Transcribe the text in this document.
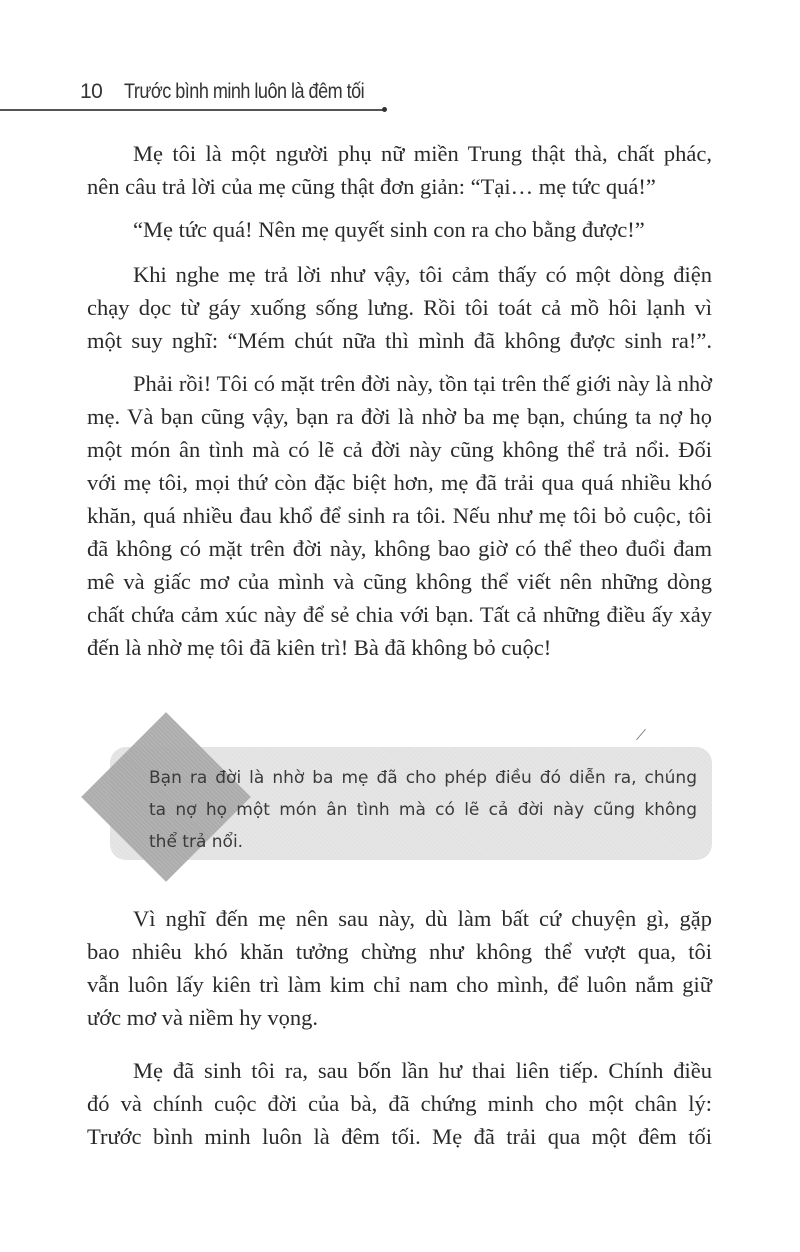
10 Trước bình minh luôn là đêm tối
Mẹ tôi là một người phụ nữ miền Trung thật thà, chất phác,
nên câu trả lời của mẹ cũng thật đơn giản: “Tại… mẹ tức quá!”
“Mẹ tức quá! Nên mẹ quyết sinh con ra cho bằng được!”
Khi nghe mẹ trả lời như vậy, tôi cảm thấy có một dòng điện
chạy dọc từ gáy xuống sống lưng. Rồi tôi toát cả mồ hôi lạnh vì
một suy nghĩ: “Mém chút nữa thì mình đã không được sinh ra!”.
Phải rồi! Tôi có mặt trên đời này, tồn tại trên thế giới này là nhờ
mẹ. Và bạn cũng vậy, bạn ra đời là nhờ ba mẹ bạn, chúng ta nợ họ
một món ân tình mà có lẽ cả đời này cũng không thể trả nổi. Đối
với mẹ tôi, mọi thứ còn đặc biệt hơn, mẹ đã trải qua quá nhiều khó
khăn, quá nhiều đau khổ để sinh ra tôi. Nếu như mẹ tôi bỏ cuộc, tôi
đã không có mặt trên đời này, không bao giờ có thể theo đuổi đam
mê và giấc mơ của mình và cũng không thể viết nên những dòng
chất chứa cảm xúc này để sẻ chia với bạn. Tất cả những điều ấy xảy
đến là nhờ mẹ tôi đã kiên trì! Bà đã không bỏ cuộc!
Bạn ra đời là nhờ ba mẹ đã cho phép điều đó diễn ra, chúng
ta nợ họ một món ân tình mà có lẽ cả đời này cũng không
thể trả nổi.
Vì nghĩ đến mẹ nên sau này, dù làm bất cứ chuyện gì, gặp
bao nhiêu khó khăn tưởng chừng như không thể vượt qua, tôi
vẫn luôn lấy kiên trì làm kim chỉ nam cho mình, để luôn nắm giữ
ước mơ và niềm hy vọng.
Mẹ đã sinh tôi ra, sau bốn lần hư thai liên tiếp. Chính điều
đó và chính cuộc đời của bà, đã chứng minh cho một chân lý:
Trước bình minh luôn là đêm tối. Mẹ đã trải qua một đêm tối
